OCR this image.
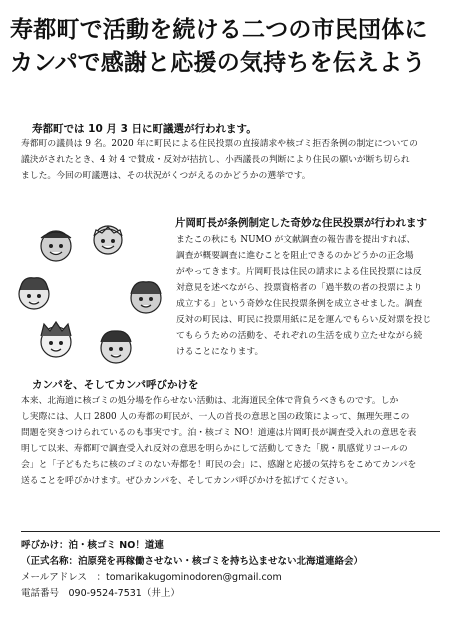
寿都町で活動を続ける二つの市民団体に
カンパで感謝と応援の気持ちを伝えよう
寿都町では 10 月 3 日に町議選が行われます。
寿都町の議員は 9 名。2020 年に町民による住民投票の直接請求や核ゴミ拒否条例の制定についての
議決がされたとき、4 対 4 で賛成・反対が拮抗し、小西議長の判断により住民の願いが断ち切られ
ました。今回の町議選は、その状況がくつがえるのかどうかの選挙です。
片岡町長が条例制定した奇妙な住民投票が行われます
またこの秋にも NUMO が文献調査の報告書を提出すれば、
調査が概要調査に進むことを阻止できるのかどうかの正念場
がやってきます。片岡町長は住民の請求による住民投票には反
対意見を述べながら、投票資格者の「過半数の者の投票により
成立する」という奇妙な住民投票条例を成立させました。調査
反対の町民は、町民に投票用紙に足を運んでもらい反対票を投じ
てもらうための活動を、それぞれの生活を成り立たせながら続
けることになります。
カンパを、そしてカンパ呼びかけを
本来、北海道に核ゴミの処分場を作らせない活動は、北海道民全体で背負うべきものです。しか
し実際には、人口 2800 人の寿都の町民が、一人の首長の意思と国の政策によって、無理矢理この
問題を突きつけられているのも事実です。泊・核ゴミ NO！道連は片岡町長が調査受入れの意思を表
明して以来、寿都町で調査受入れ反対の意思を明らかにして活動してきた「脱・肌感覚リコールの
会」と「子どもたちに核のゴミのない寿都を！町民の会」に、感謝と応援の気持ちをこめてカンパを
送ることを呼びかけます。ぜひカンパを、そしてカンパ呼びかけを拡げてください。
呼びかけ：泊・核ゴミ NO！道連
（正式名称：泊原発を再稼働させない・核ゴミを持ち込ませない北海道連絡会）
メールアドレス　：tomarikakugominodoren@gmail.com
電話番号　090-9524-7531（井上）
